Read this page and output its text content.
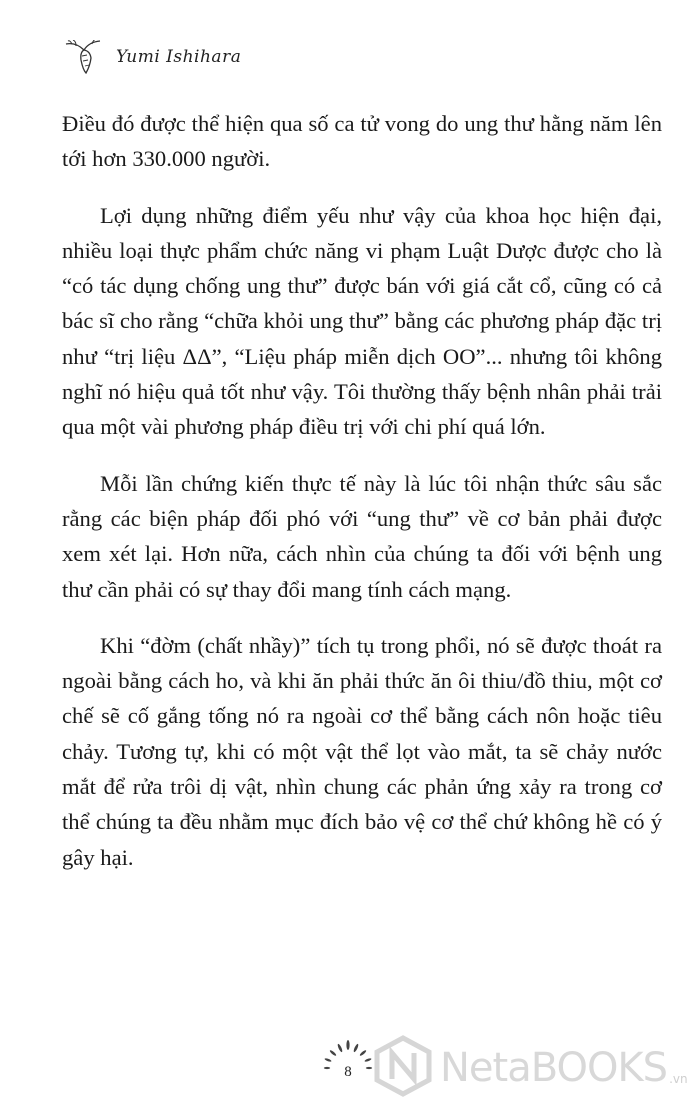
Yumi Ishihara

Điều đó được thể hiện qua số ca tử vong do ung thư hằng năm lên tới hơn 330.000 người.

Lợi dụng những điểm yếu như vậy của khoa học hiện đại, nhiều loại thực phẩm chức năng vi phạm Luật Dược được cho là “có tác dụng chống ung thư” được bán với giá cắt cổ, cũng có cả bác sĩ cho rằng “chữa khỏi ung thư” bằng các phương pháp đặc trị như “trị liệu ΔΔ”, “Liệu pháp miễn dịch OO”... nhưng tôi không nghĩ nó hiệu quả tốt như vậy. Tôi thường thấy bệnh nhân phải trải qua một vài phương pháp điều trị với chi phí quá lớn.

Mỗi lần chứng kiến thực tế này là lúc tôi nhận thức sâu sắc rằng các biện pháp đối phó với “ung thư” về cơ bản phải được xem xét lại. Hơn nữa, cách nhìn của chúng ta đối với bệnh ung thư cần phải có sự thay đổi mang tính cách mạng.

Khi “đờm (chất nhầy)” tích tụ trong phổi, nó sẽ được thoát ra ngoài bằng cách ho, và khi ăn phải thức ăn ôi thiu/đồ thiu, một cơ chế sẽ cố gắng tống nó ra ngoài cơ thể bằng cách nôn hoặc tiêu chảy. Tương tự, khi có một vật thể lọt vào mắt, ta sẽ chảy nước mắt để rửa trôi dị vật, nhìn chung các phản ứng xảy ra trong cơ thể chúng ta đều nhằm mục đích bảo vệ cơ thể chứ không hề có ý gây hại.

8	NetaBOOKS .vn
